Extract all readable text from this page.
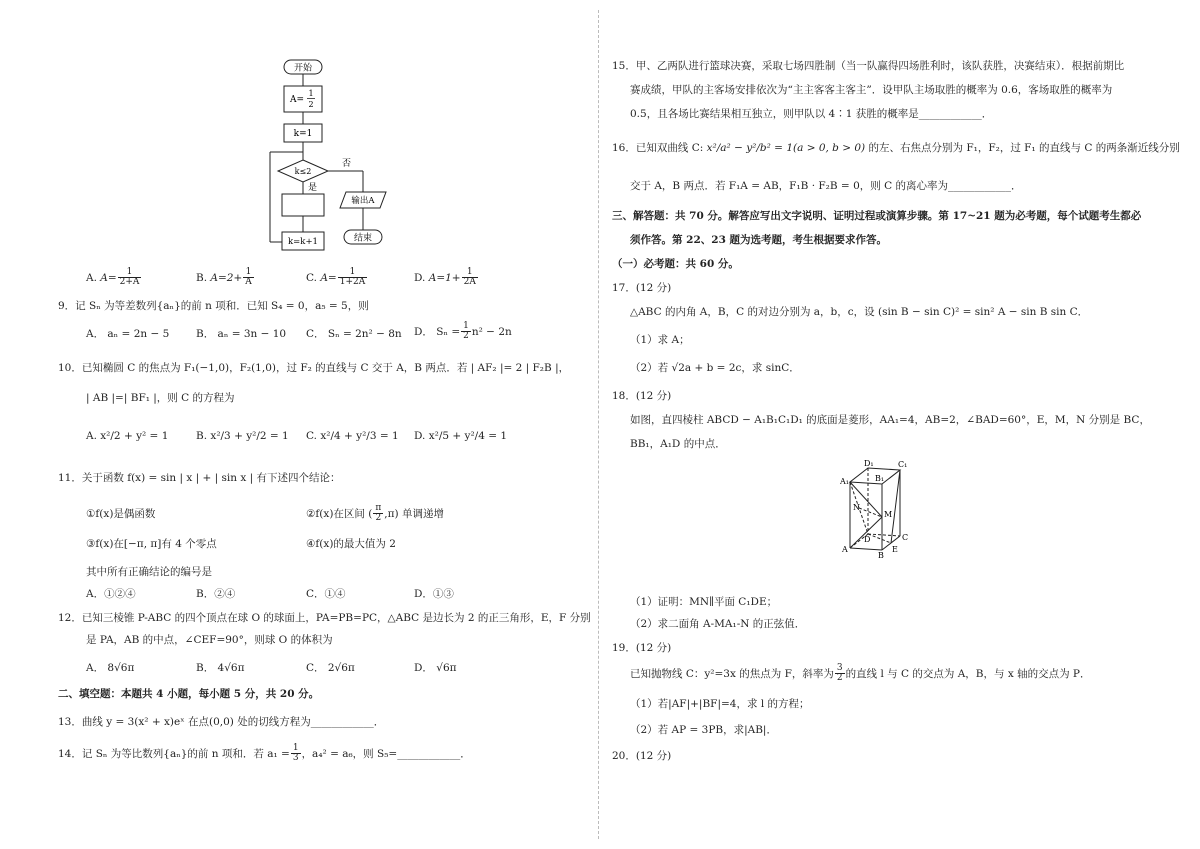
开始
A=
1
2
k=1
k≤2
否
是
k=k+1
输出A
结束
A. $A= \frac{1}{2+A}$	B. $A=2+ \frac{1}{A}$	C. $A= \frac{1}{1+2A}$	D. $A=1+ \frac{1}{2A}$
9．记 Sₙ 为等差数列{aₙ}的前 n 项和．已知 S₄ = 0，a₅ = 5，则
A． aₙ = 2n − 5	B． aₙ = 3n − 10 C． Sₙ = 2n² − 8n D． $S_n = \frac{1}{2} n^2 - 2n$
10．已知椭圆 C 的焦点为 F₁(−1,0)，F₂(1,0)，过 F₂ 的直线与 C 交于 A，B 两点．若 | AF₂ |= 2 | F₂B |，
| AB |=| BF₁ |，则 C 的方程为
A. x²/2 + y² = 1	B. x²/3 + y²/2 = 1 C. x²/4 + y²/3 = 1 D. x²/5 + y²/4 = 1
11．关于函数 f(x) = sin | x | + | sin x | 有下述四个结论：
①f(x)是偶函数	②f(x)在区间 ( $\frac{\pi}{2} ,\pi$) 单调递增
③f(x)在[−π, π]有 4 个零点	④f(x)的最大值为 2
其中所有正确结论的编号是
A．①②④	B．②④	C．①④	D．①③
12．已知三棱锥 P-ABC 的四个顶点在球 O 的球面上，PA=PB=PC，△ABC 是边长为 2 的正三角形，E，F 分别
是 PA，AB 的中点，∠CEF=90°，则球 O 的体积为
A． 8√6π	B． 4√6π	C． 2√6π	D． √6π
二、填空题：本题共 4 小题，每小题 5 分，共 20 分。
13．曲线 y = 3(x² + x)eˣ 在点(0,0) 处的切线方程为____________．
14．记 Sₙ 为等比数列{aₙ}的前 n 项和．若 $a_1 = \frac{1}{3}$ ，a₄² = a₆，则 S₅=____________．
15．甲、乙两队进行篮球决赛，采取七场四胜制（当一队赢得四场胜利时，该队获胜，决赛结束）．根据前期比
赛成绩，甲队的主客场安排依次为“主主客客主客主”．设甲队主场取胜的概率为 0.6，客场取胜的概率为
0.5，且各场比赛结果相互独立，则甲队以 4∶1 获胜的概率是____________．
16．已知双曲线 C: x²/a² − y²/b² = 1(a > 0, b > 0) 的左、右焦点分别为 F₁，F₂，过 F₁ 的直线与 C 的两条渐近线分别
交于 A，B 两点．若 F₁A = AB，F₁B · F₂B = 0，则 C 的离心率为____________．
三、解答题：共 70 分。解答应写出文字说明、证明过程或演算步骤。第 17~21 题为必考题，每个试题考生都必
须作答。第 22、23 题为选考题，考生根据要求作答。
（一）必考题：共 60 分。
17．(12 分)
△ABC 的内角 A，B，C 的对边分别为 a，b，c，设 (sin B − sin C)² = sin² A − sin B sin C．
（1）求 A；
（2）若 √2a + b = 2c，求 sinC．
18．(12 分)
如图，直四棱柱 ABCD − A₁B₁C₁D₁ 的底面是菱形，AA₁=4，AB=2，∠BAD=60°，E，M，N 分别是 BC，
BB₁，A₁D 的中点．
D₁	C₁
A₁	B₁
N
M
A
D
B
C
E
（1）证明：MN∥平面 C₁DE；
（2）求二面角 A-MA₁-N 的正弦值．
19．(12 分)
已知抛物线 C：y²=3x 的焦点为 F，斜率为 $\frac{3}{2}$ 的直线 l 与 C 的交点为 A，B，与 x 轴的交点为 P．
（1）若|AF|+|BF|=4，求 l 的方程；
（2）若 AP = 3PB，求|AB|．
20．(12 分)
